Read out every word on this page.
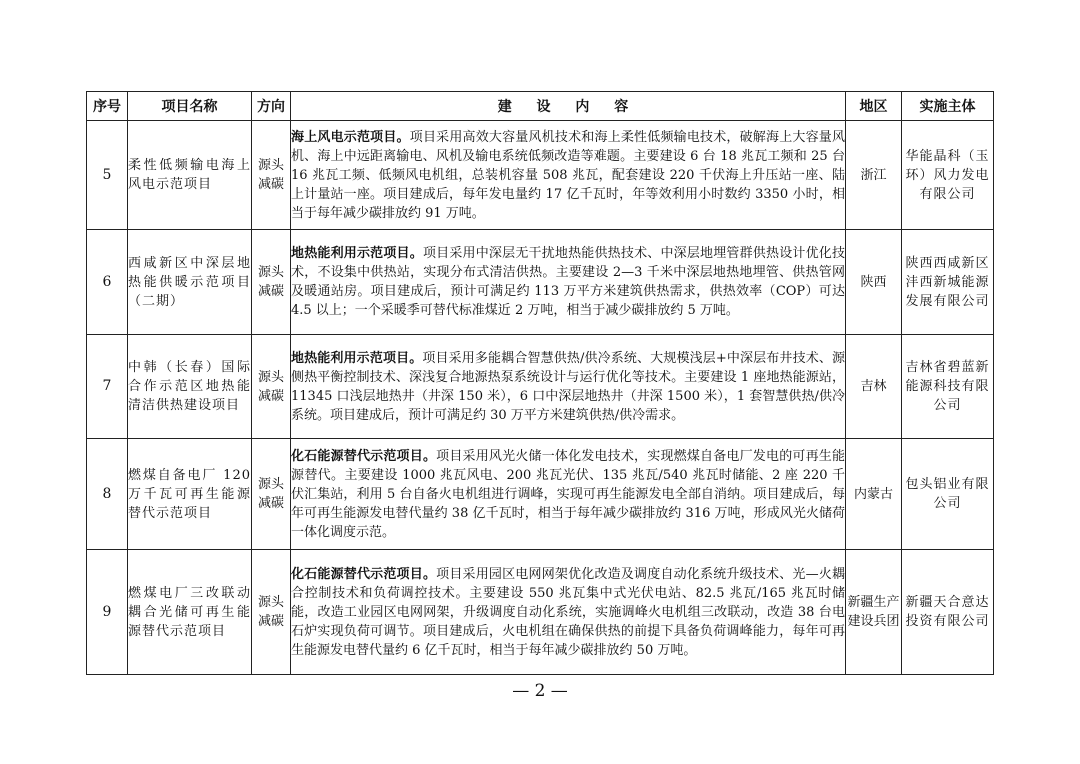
序号	项目名称	方向	建 设 内 容	地区	实施主体
5	柔性低频输电海上风电示范项目	源头减碳	海上风电示范项目。项目采用高效大容量风机技术和海上柔性低频输电技术，破解海上大容量风机、海上中远距离输电、风机及输电系统低频改造等难题。主要建设 6 台 18 兆瓦工频和 25 台 16 兆瓦工频、低频风电机组，总装机容量 508 兆瓦，配套建设 220 千伏海上升压站一座、陆上计量站一座。项目建成后，每年发电量约 17 亿千瓦时，年等效利用小时数约 3350 小时，相当于每年减少碳排放约 91 万吨。	浙江	华能晶科（玉环）风力发电有限公司
6	西咸新区中深层地热能供暖示范项目（二期）	源头减碳	地热能利用示范项目。项目采用中深层无干扰地热能供热技术、中深层地埋管群供热设计优化技术，不设集中供热站，实现分布式清洁供热。主要建设 2—3 千米中深层地热地埋管、供热管网及暖通站房。项目建成后，预计可满足约 113 万平方米建筑供热需求，供热效率（COP）可达 4.5 以上；一个采暖季可替代标准煤近 2 万吨，相当于减少碳排放约 5 万吨。	陕西	陕西西咸新区沣西新城能源发展有限公司
7	中韩（长春）国际合作示范区地热能清洁供热建设项目	源头减碳	地热能利用示范项目。项目采用多能耦合智慧供热/供冷系统、大规模浅层+中深层布井技术、源侧热平衡控制技术、深浅复合地源热泵系统设计与运行优化等技术。主要建设 1 座地热能源站，11345 口浅层地热井（井深 150 米），6 口中深层地热井（井深 1500 米），1 套智慧供热/供冷系统。项目建成后，预计可满足约 30 万平方米建筑供热/供冷需求。	吉林	吉林省碧蓝新能源科技有限公司
8	燃煤自备电厂 120 万千瓦可再生能源替代示范项目	源头减碳	化石能源替代示范项目。项目采用风光火储一体化发电技术，实现燃煤自备电厂发电的可再生能源替代。主要建设 1000 兆瓦风电、200 兆瓦光伏、135 兆瓦/540 兆瓦时储能、2 座 220 千伏汇集站，利用 5 台自备火电机组进行调峰，实现可再生能源发电全部自消纳。项目建成后，每年可再生能源发电替代量约 38 亿千瓦时，相当于每年减少碳排放约 316 万吨，形成风光火储荷一体化调度示范。	内蒙古	包头铝业有限公司
9	燃煤电厂三改联动耦合光储可再生能源替代示范项目	源头减碳	化石能源替代示范项目。项目采用园区电网网架优化改造及调度自动化系统升级技术、光—火耦合控制技术和负荷调控技术。主要建设 550 兆瓦集中式光伏电站、82.5 兆瓦/165 兆瓦时储能，改造工业园区电网网架，升级调度自动化系统，实施调峰火电机组三改联动，改造 38 台电石炉实现负荷可调节。项目建成后，火电机组在确保供热的前提下具备负荷调峰能力，每年可再生能源发电替代量约 6 亿千瓦时，相当于每年减少碳排放约 50 万吨。	新疆生产建设兵团	新疆天合意达投资有限公司
— 2 —
